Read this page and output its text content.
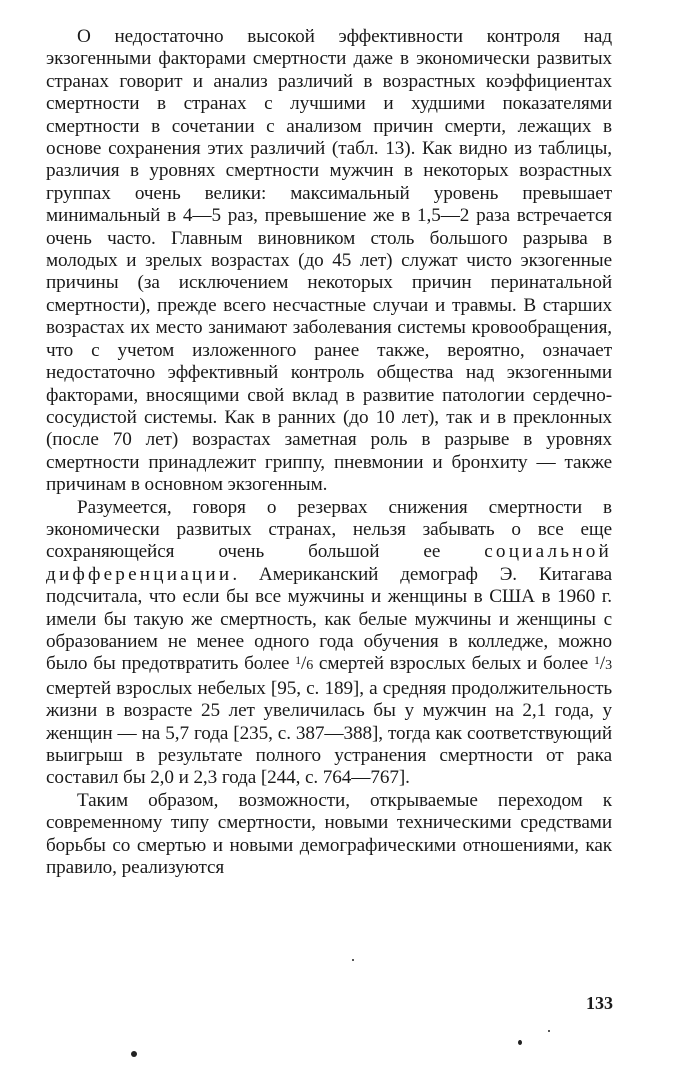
О недостаточно высокой эффективности контроля над экзогенными факторами смертности даже в экономически развитых странах говорит и анализ различий в возрастных коэффициентах смертности в странах с лучшими и худшими показателями смертности в сочетании с анализом причин смерти, лежащих в основе сохранения этих различий (табл. 13). Как видно из таблицы, различия в уровнях смертности мужчин в некоторых возрастных группах очень велики: максимальный уровень превышает минимальный в 4—5 раз, превышение же в 1,5—2 раза встречается очень часто. Главным виновником столь большого разрыва в молодых и зрелых возрастах (до 45 лет) служат чисто экзогенные причины (за исключением некоторых причин перинатальной смертности), прежде всего несчастные случаи и травмы. В старших возрастах их место занимают заболевания системы кровообращения, что с учетом изложенного ранее также, вероятно, означает недостаточно эффективный контроль общества над экзогенными факторами, вносящими свой вклад в развитие патологии сердечно-сосудистой системы. Как в ранних (до 10 лет), так и в преклонных (после 70 лет) возрастах заметная роль в разрыве в уровнях смертности принадлежит гриппу, пневмонии и бронхиту — также причинам в основном экзогенным.

Разумеется, говоря о резервах снижения смертности в экономически развитых странах, нельзя забывать о все еще сохраняющейся очень большой ее социальной дифференциации. Американский демограф Э. Китагава подсчитала, что если бы все мужчины и женщины в США в 1960 г. имели бы такую же смертность, как белые мужчины и женщины с образованием не менее одного года обучения в колледже, можно было бы предотвратить более $^1$/6 смертей взрослых белых и более $^1$/3 смертей взрослых небелых [95, с. 189], а средняя продолжительность жизни в возрасте 25 лет увеличилась бы у мужчин на 2,1 года, у женщин — на 5,7 года [235, с. 387—388], тогда как соответствующий выигрыш в результате полного устранения смертности от рака составил бы 2,0 и 2,3 года [244, с. 764—767].

Таким образом, возможности, открываемые переходом к современному типу смертности, новыми техническими средствами борьбы со смертью и новыми демографическими отношениями, как правило, реализуются

133
